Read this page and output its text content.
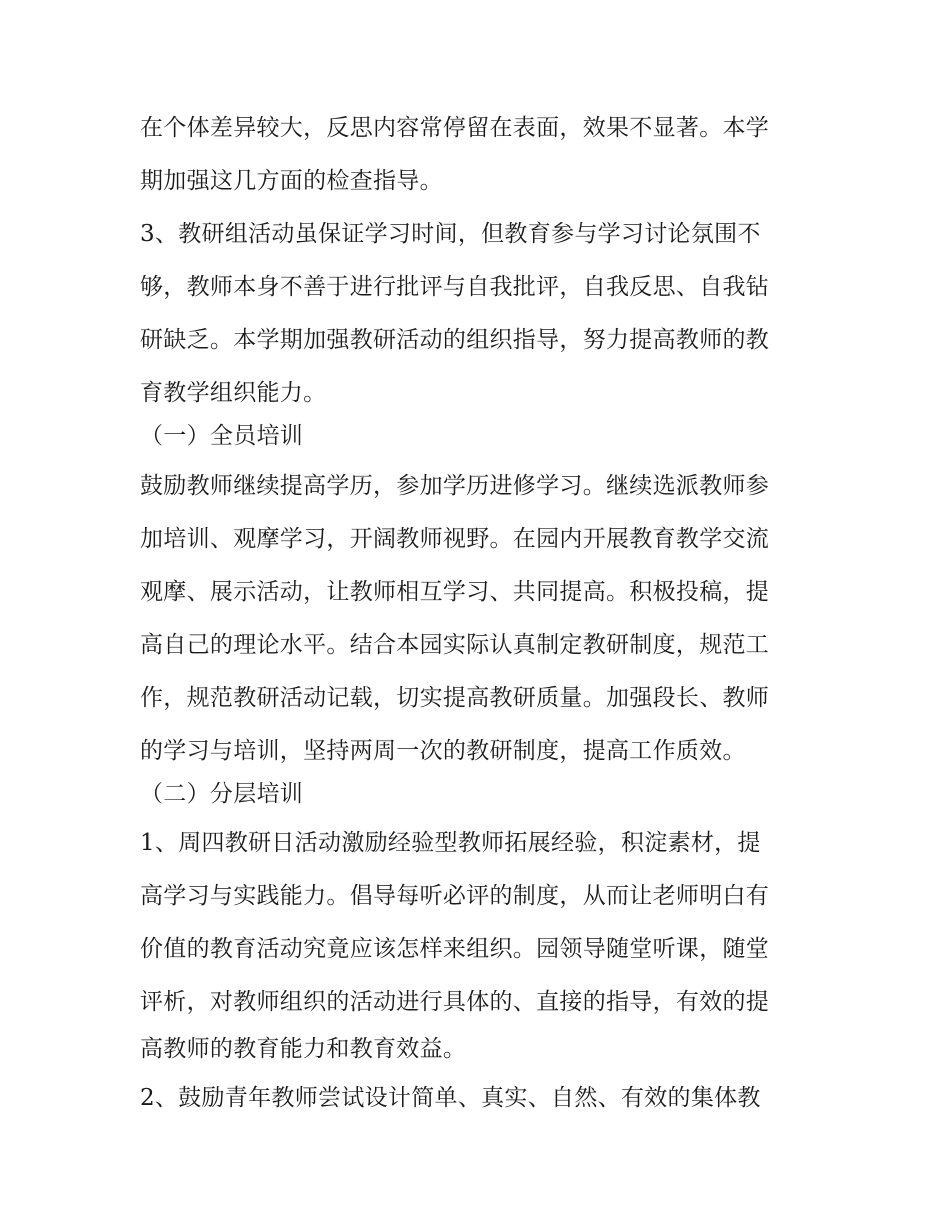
在个体差异较大，反思内容常停留在表面，效果不显著。本学
期加强这几方面的检查指导。
3、教研组活动虽保证学习时间，但教育参与学习讨论氛围不
够，教师本身不善于进行批评与自我批评，自我反思、自我钻
研缺乏。本学期加强教研活动的组织指导，努力提高教师的教
育教学组织能力。
（一）全员培训
鼓励教师继续提高学历，参加学历进修学习。继续选派教师参
加培训、观摩学习，开阔教师视野。在园内开展教育教学交流
观摩、展示活动，让教师相互学习、共同提高。积极投稿，提
高自己的理论水平。结合本园实际认真制定教研制度，规范工
作，规范教研活动记载，切实提高教研质量。加强段长、教师
的学习与培训，坚持两周一次的教研制度，提高工作质效。
（二）分层培训
1、周四教研日活动激励经验型教师拓展经验，积淀素材，提
高学习与实践能力。倡导每听必评的制度，从而让老师明白有
价值的教育活动究竟应该怎样来组织。园领导随堂听课，随堂
评析，对教师组织的活动进行具体的、直接的指导，有效的提
高教师的教育能力和教育效益。
2、鼓励青年教师尝试设计简单、真实、自然、有效的集体教
